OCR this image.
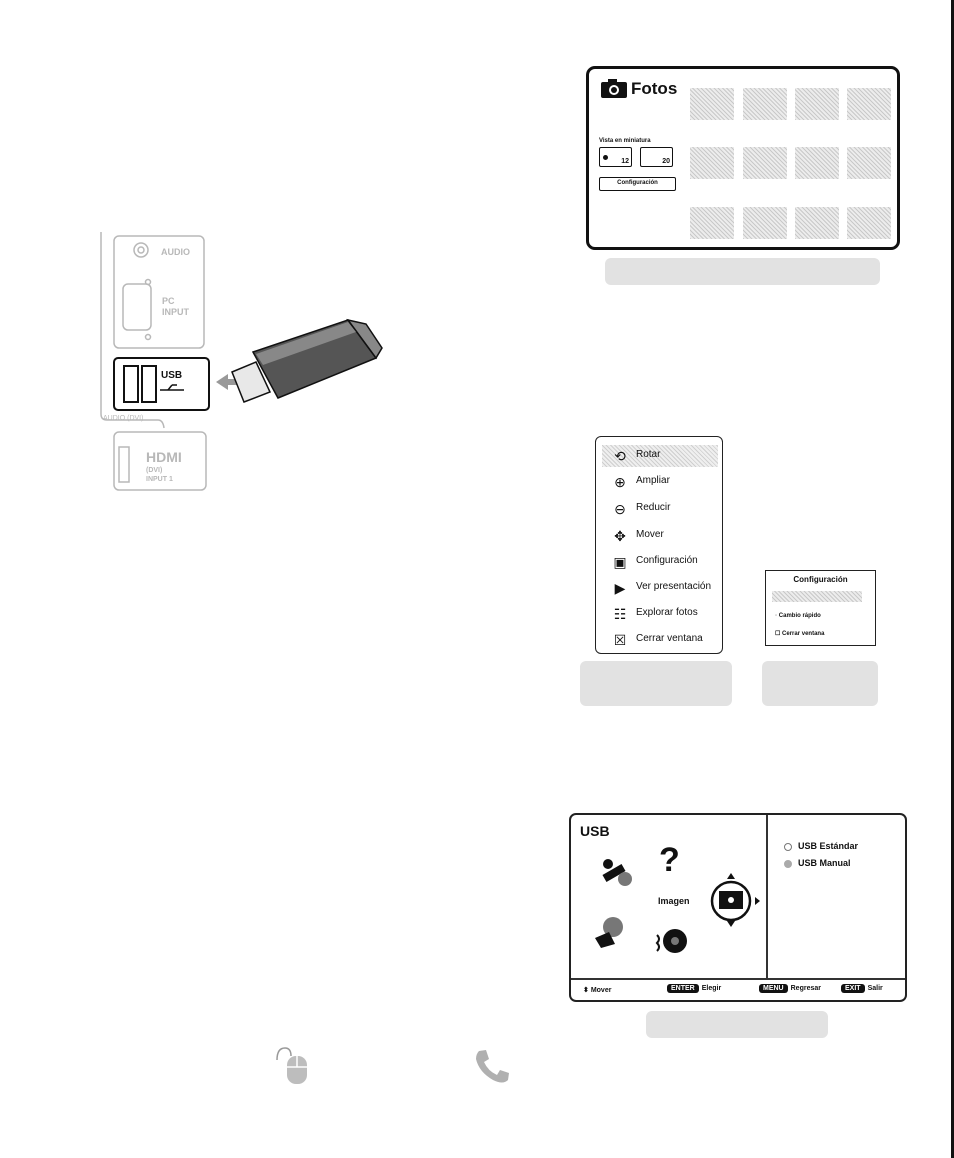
Fotos
Vista en miniatura
12	20
Configuración
AUDIO
PC
INPUT
AUDIO (DVI)
HDMI
(DVI)
INPUT 1
USB
⟲ Rotar
⊕ Ampliar
⊖ Reducir
✥ Mover
▣ Configuración
▶ Ver presentación
☷ Explorar fotos
☒ Cerrar ventana
Configuración
▫ Cambio rápido
☐ Cerrar ventana
USB
?
Imagen
USB Estándar
USB Manual
⬍ Mover	ENTER Elegir	MENU Regresar	EXIT Salir
